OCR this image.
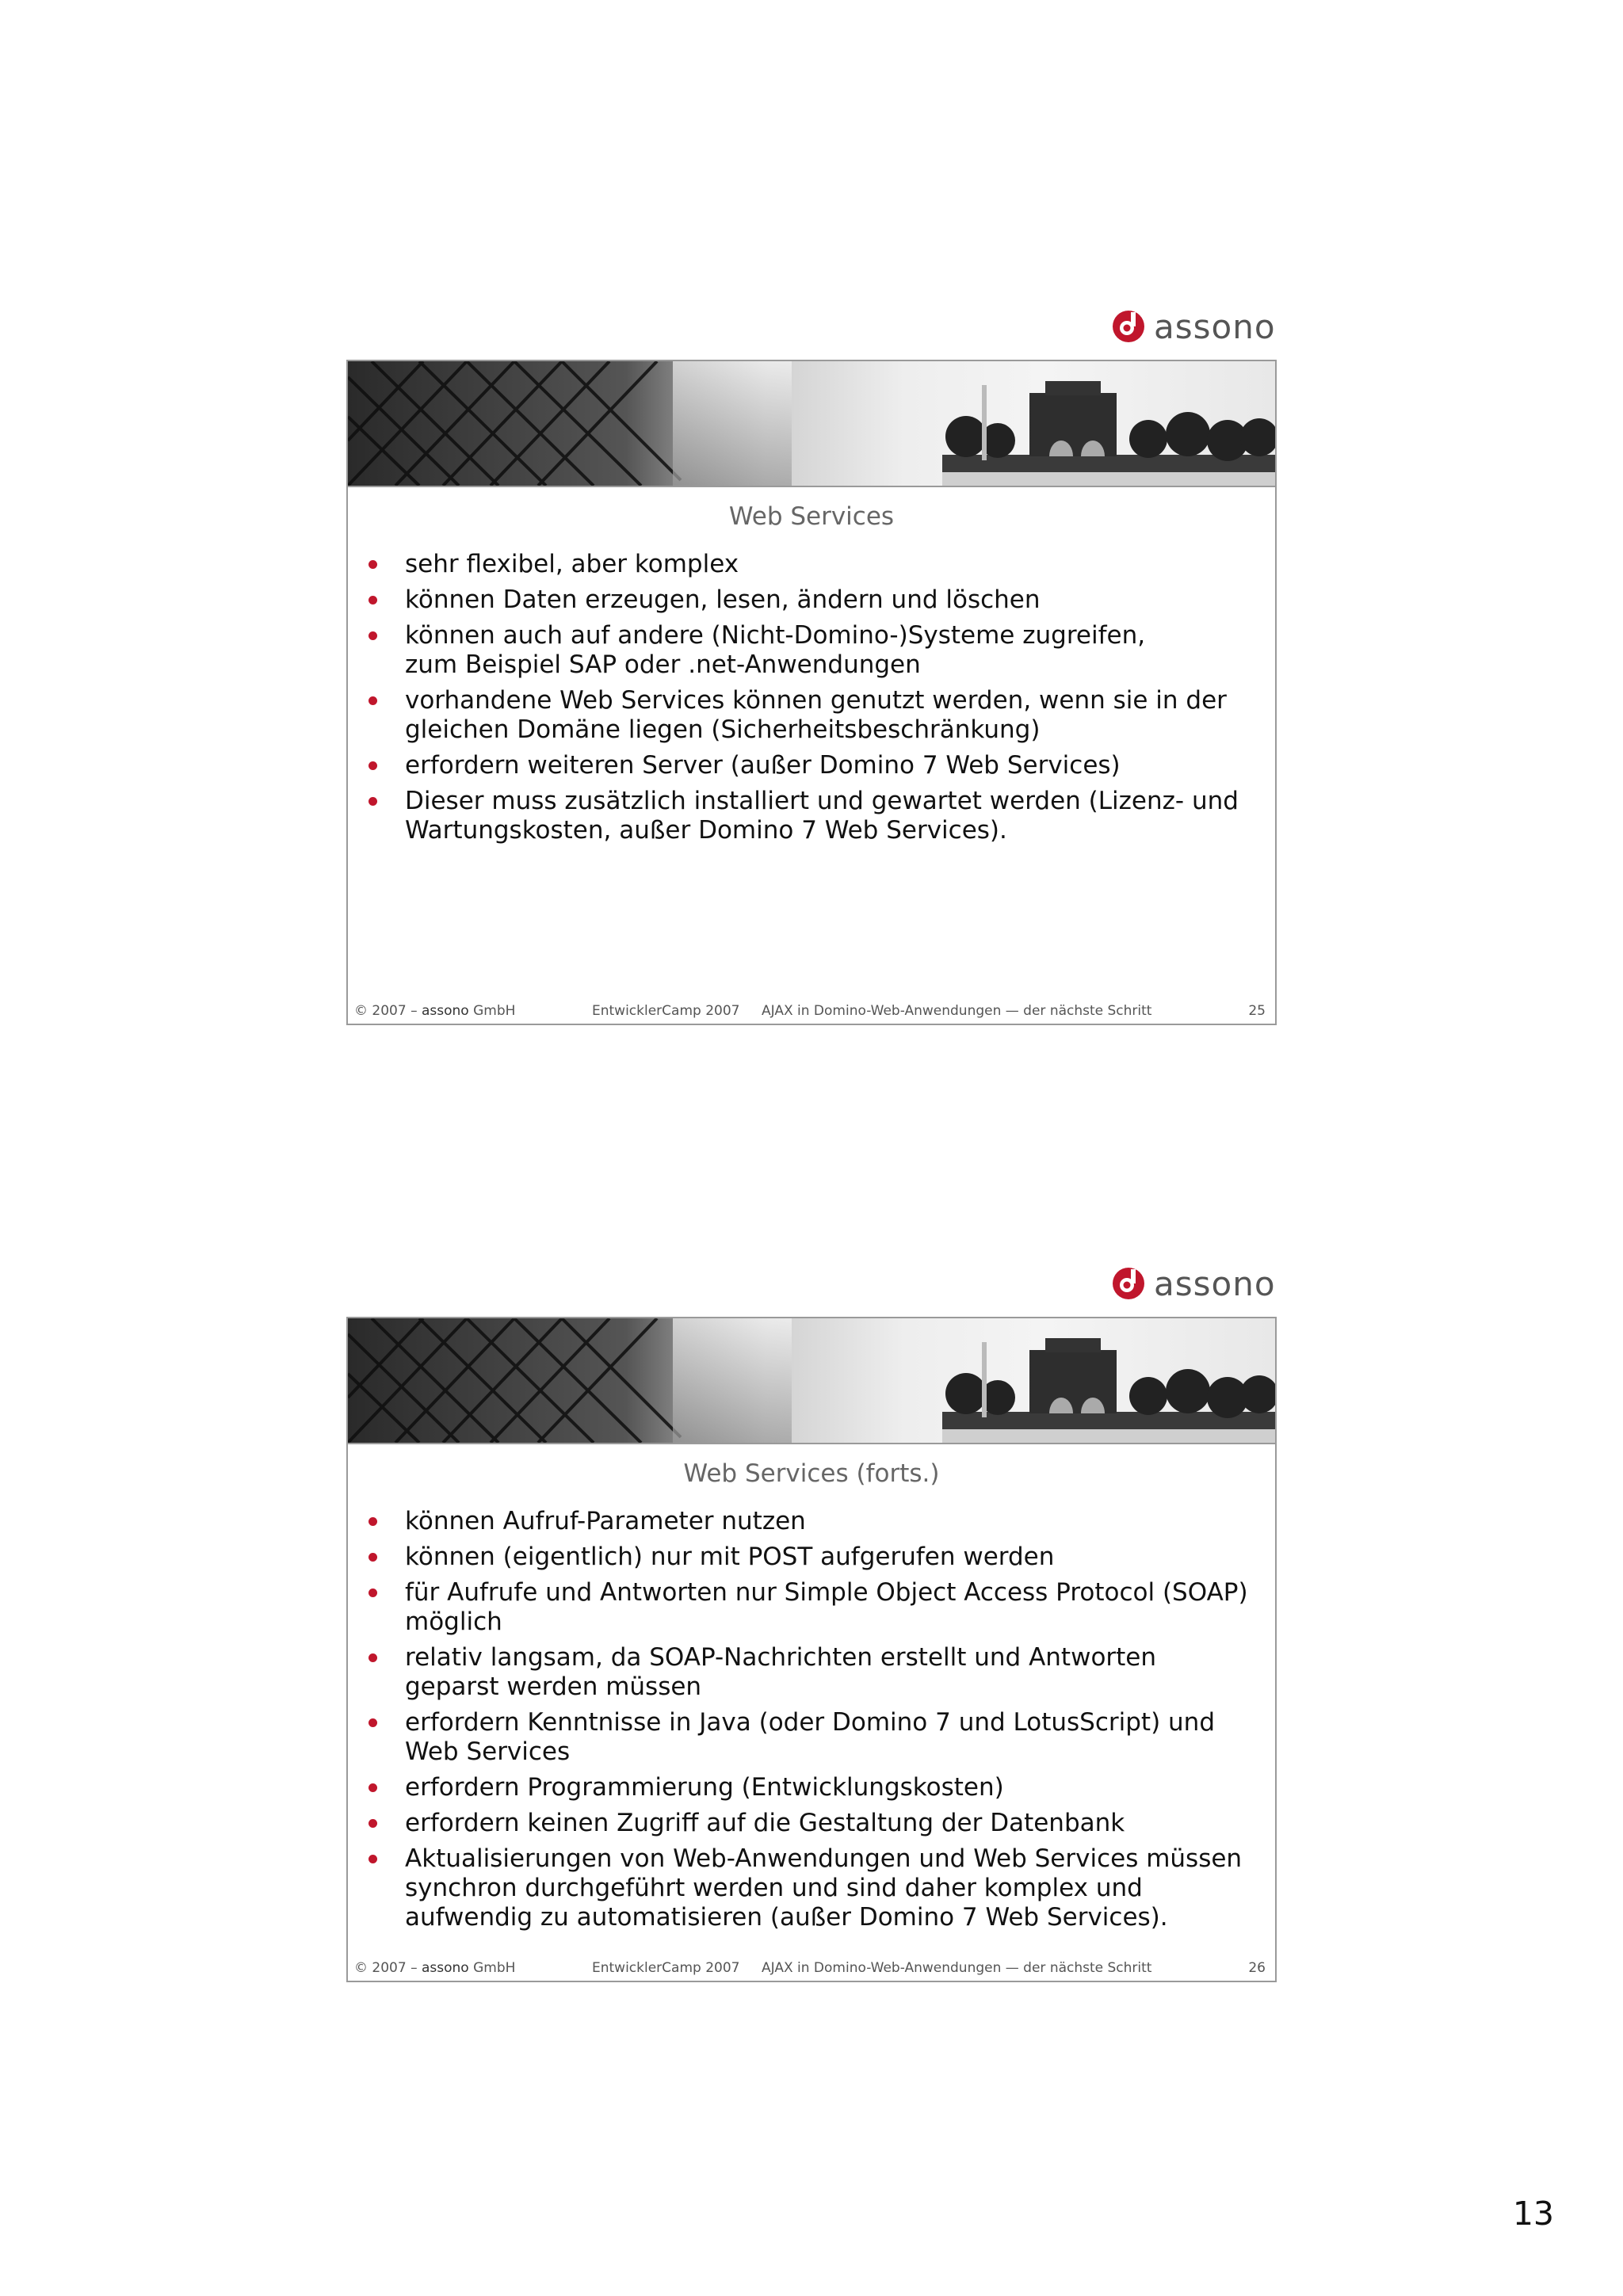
assono
Web Services
sehr flexibel, aber komplex
können Daten erzeugen, lesen, ändern und löschen
können auch auf andere (Nicht-Domino-)Systeme zugreifen,
zum Beispiel SAP oder .net-Anwendungen
vorhandene Web Services können genutzt werden, wenn sie in der
gleichen Domäne liegen (Sicherheitsbeschränkung)
erfordern weiteren Server (außer Domino 7 Web Services)
Dieser muss zusätzlich installiert und gewartet werden (Lizenz- und
Wartungskosten, außer Domino 7 Web Services).
© 2007 – assono GmbH	EntwicklerCamp 2007 AJAX in Domino-Web-Anwendungen — der nächste Schritt	25
assono
Web Services (forts.)
können Aufruf-Parameter nutzen
können (eigentlich) nur mit POST aufgerufen werden
für Aufrufe und Antworten nur Simple Object Access Protocol (SOAP)
möglich
relativ langsam, da SOAP-Nachrichten erstellt und Antworten
geparst werden müssen
erfordern Kenntnisse in Java (oder Domino 7 und LotusScript) und
Web Services
erfordern Programmierung (Entwicklungskosten)
erfordern keinen Zugriff auf die Gestaltung der Datenbank
Aktualisierungen von Web-Anwendungen und Web Services müssen
synchron durchgeführt werden und sind daher komplex und
aufwendig zu automatisieren (außer Domino 7 Web Services).
© 2007 – assono GmbH	EntwicklerCamp 2007 AJAX in Domino-Web-Anwendungen — der nächste Schritt	26
13
